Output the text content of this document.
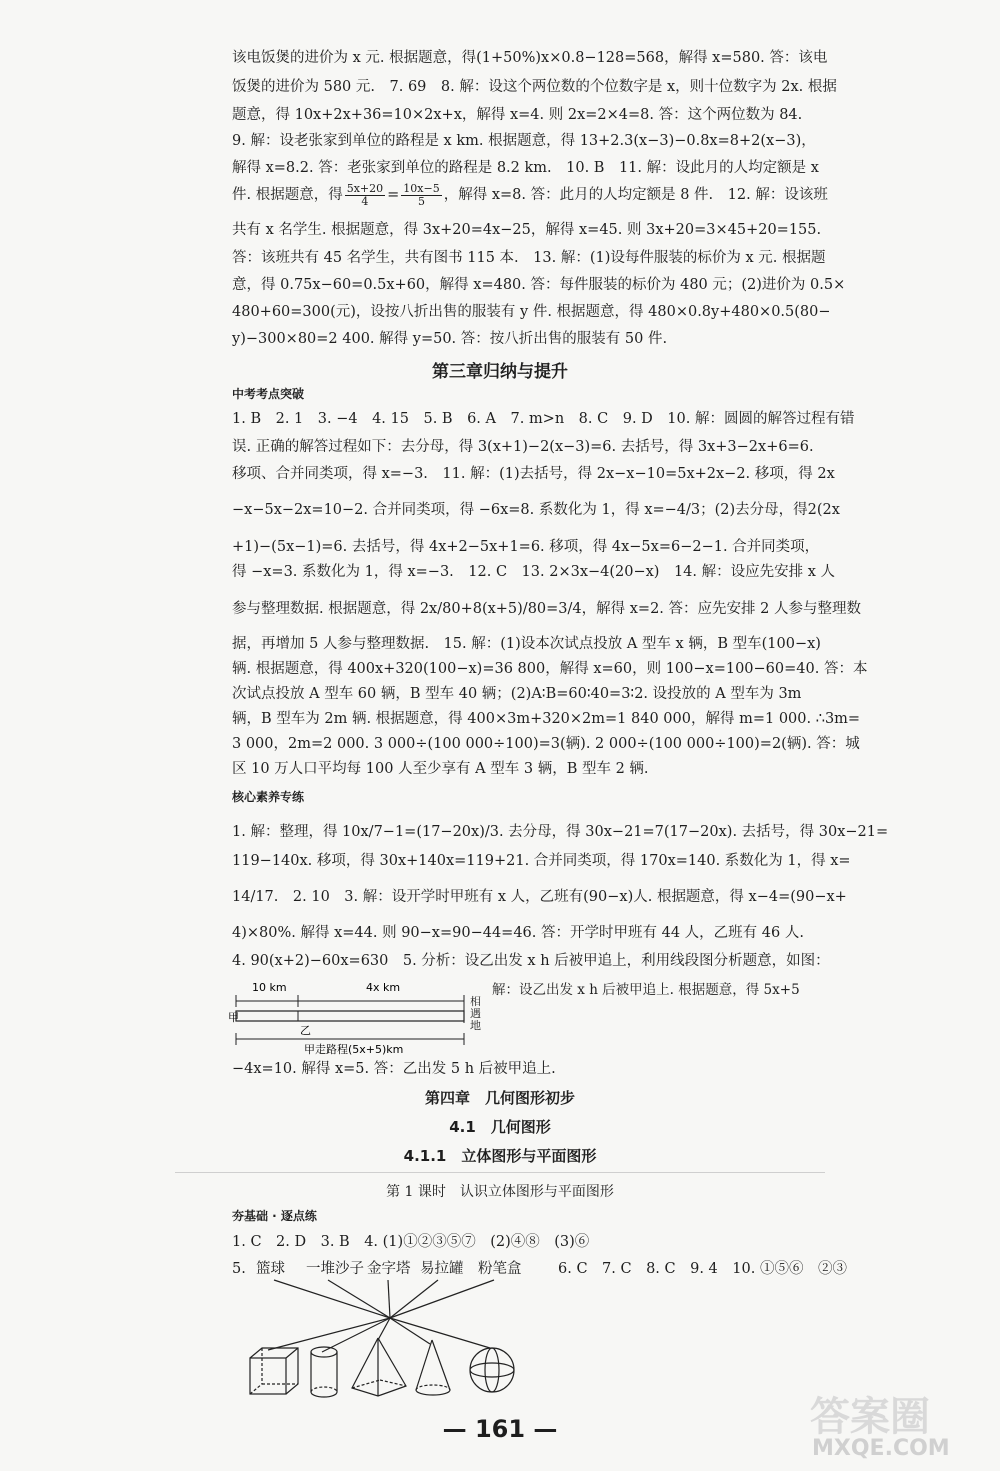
该电饭煲的进价为 x 元. 根据题意，得(1+50%)x×0.8−128=568，解得 x=580. 答：该电
饭煲的进价为 580 元.　7. 69　8. 解：设这个两位数的个位数字是 x，则十位数字为 2x. 根据
题意，得 10x+2x+36=10×2x+x，解得 x=4. 则 2x=2×4=8. 答：这个两位数为 84.
9. 解：设老张家到单位的路程是 x km. 根据题意，得 13+2.3(x−3)−0.8x=8+2(x−3)，
解得 x=8.2. 答：老张家到单位的路程是 8.2 km.　10. B　11. 解：设此月的人均定额是 x
件. 根据题意，得 $\frac{5x+20}{4} = \frac{10x-5}{5}$ ，解得 x=8. 答：此月的人均定额是 8 件.　12. 解：设该班
共有 x 名学生. 根据题意，得 3x+20=4x−25，解得 x=45. 则 3x+20=3×45+20=155.
答：该班共有 45 名学生，共有图书 115 本.　13. 解：(1)设每件服装的标价为 x 元. 根据题
意，得 0.75x−60=0.5x+60，解得 x=480. 答：每件服装的标价为 480 元；(2)进价为 0.5×
480+60=300(元)，设按八折出售的服装有 y 件. 根据题意，得 480×0.8y+480×0.5(80−
y)−300×80=2 400. 解得 y=50. 答：按八折出售的服装有 50 件.
第三章归纳与提升
中考考点突破
1. B　2. 1　3. −4　4. 15　5. B　6. A　7. m>n　8. C　9. D　10. 解：圆圆的解答过程有错
误. 正确的解答过程如下：去分母，得 3(x+1)−2(x−3)=6. 去括号，得 3x+3−2x+6=6.
移项、合并同类项，得 x=−3.　11. 解：(1)去括号，得 2x−x−10=5x+2x−2. 移项，得 2x
−x−5x−2x=10−2. 合并同类项，得 −6x=8. 系数化为 1，得 x=−4/3；(2)去分母，得2(2x
+1)−(5x−1)=6. 去括号，得 4x+2−5x+1=6. 移项，得 4x−5x=6−2−1. 合并同类项，
得 −x=3. 系数化为 1，得 x=−3.　12. C　13. 2×3x−4(20−x)　14. 解：设应先安排 x 人
参与整理数据. 根据题意，得 2x/80+8(x+5)/80=3/4，解得 x=2. 答：应先安排 2 人参与整理数
据，再增加 5 人参与整理数据.　15. 解：(1)设本次试点投放 A 型车 x 辆，B 型车(100−x)
辆. 根据题意，得 400x+320(100−x)=36 800，解得 x=60，则 100−x=100−60=40. 答：本
次试点投放 A 型车 60 辆，B 型车 40 辆；(2)A∶B=60∶40=3∶2. 设投放的 A 型车为 3m
辆，B 型车为 2m 辆. 根据题意，得 400×3m+320×2m=1 840 000，解得 m=1 000. ∴3m=
3 000，2m=2 000. 3 000÷(100 000÷100)=3(辆). 2 000÷(100 000÷100)=2(辆). 答：城
区 10 万人口平均每 100 人至少享有 A 型车 3 辆，B 型车 2 辆.
核心素养专练
1. 解：整理，得 10x/7−1=(17−20x)/3. 去分母，得 30x−21=7(17−20x). 去括号，得 30x−21=
119−140x. 移项，得 30x+140x=119+21. 合并同类项，得 170x=140. 系数化为 1，得 x=
14/17.　2. 10　3. 解：设开学时甲班有 x 人，乙班有(90−x)人. 根据题意，得 x−4=(90−x+
4)×80%. 解得 x=44. 则 90−x=90−44=46. 答：开学时甲班有 44 人，乙班有 46 人.
4. 90(x+2)−60x=630　5. 分析：设乙出发 x h 后被甲追上，利用线段图分析题意，如图：
10 km	4x km
甲
乙
甲走路程(5x+5)km
相遇地
解：设乙出发 x h 后被甲追上. 根据题意，得 5x+5
−4x=10. 解得 x=5. 答：乙出发 5 h 后被甲追上.
第四章　几何图形初步
4.1　几何图形
4.1.1　立体图形与平面图形
第 1 课时　认识立体图形与平面图形
夯基础 · 逐点练
1. C　2. D　3. B　4. (1)①②③⑤⑦　(2)④⑧　(3)⑥
5. 篮球	一堆沙子 金字塔 易拉罐	粉笔盒	6. C　7. C　8. C　9. 4　10. ①⑤⑥　②③
— 161 —	答案圈
MXQE.COM
